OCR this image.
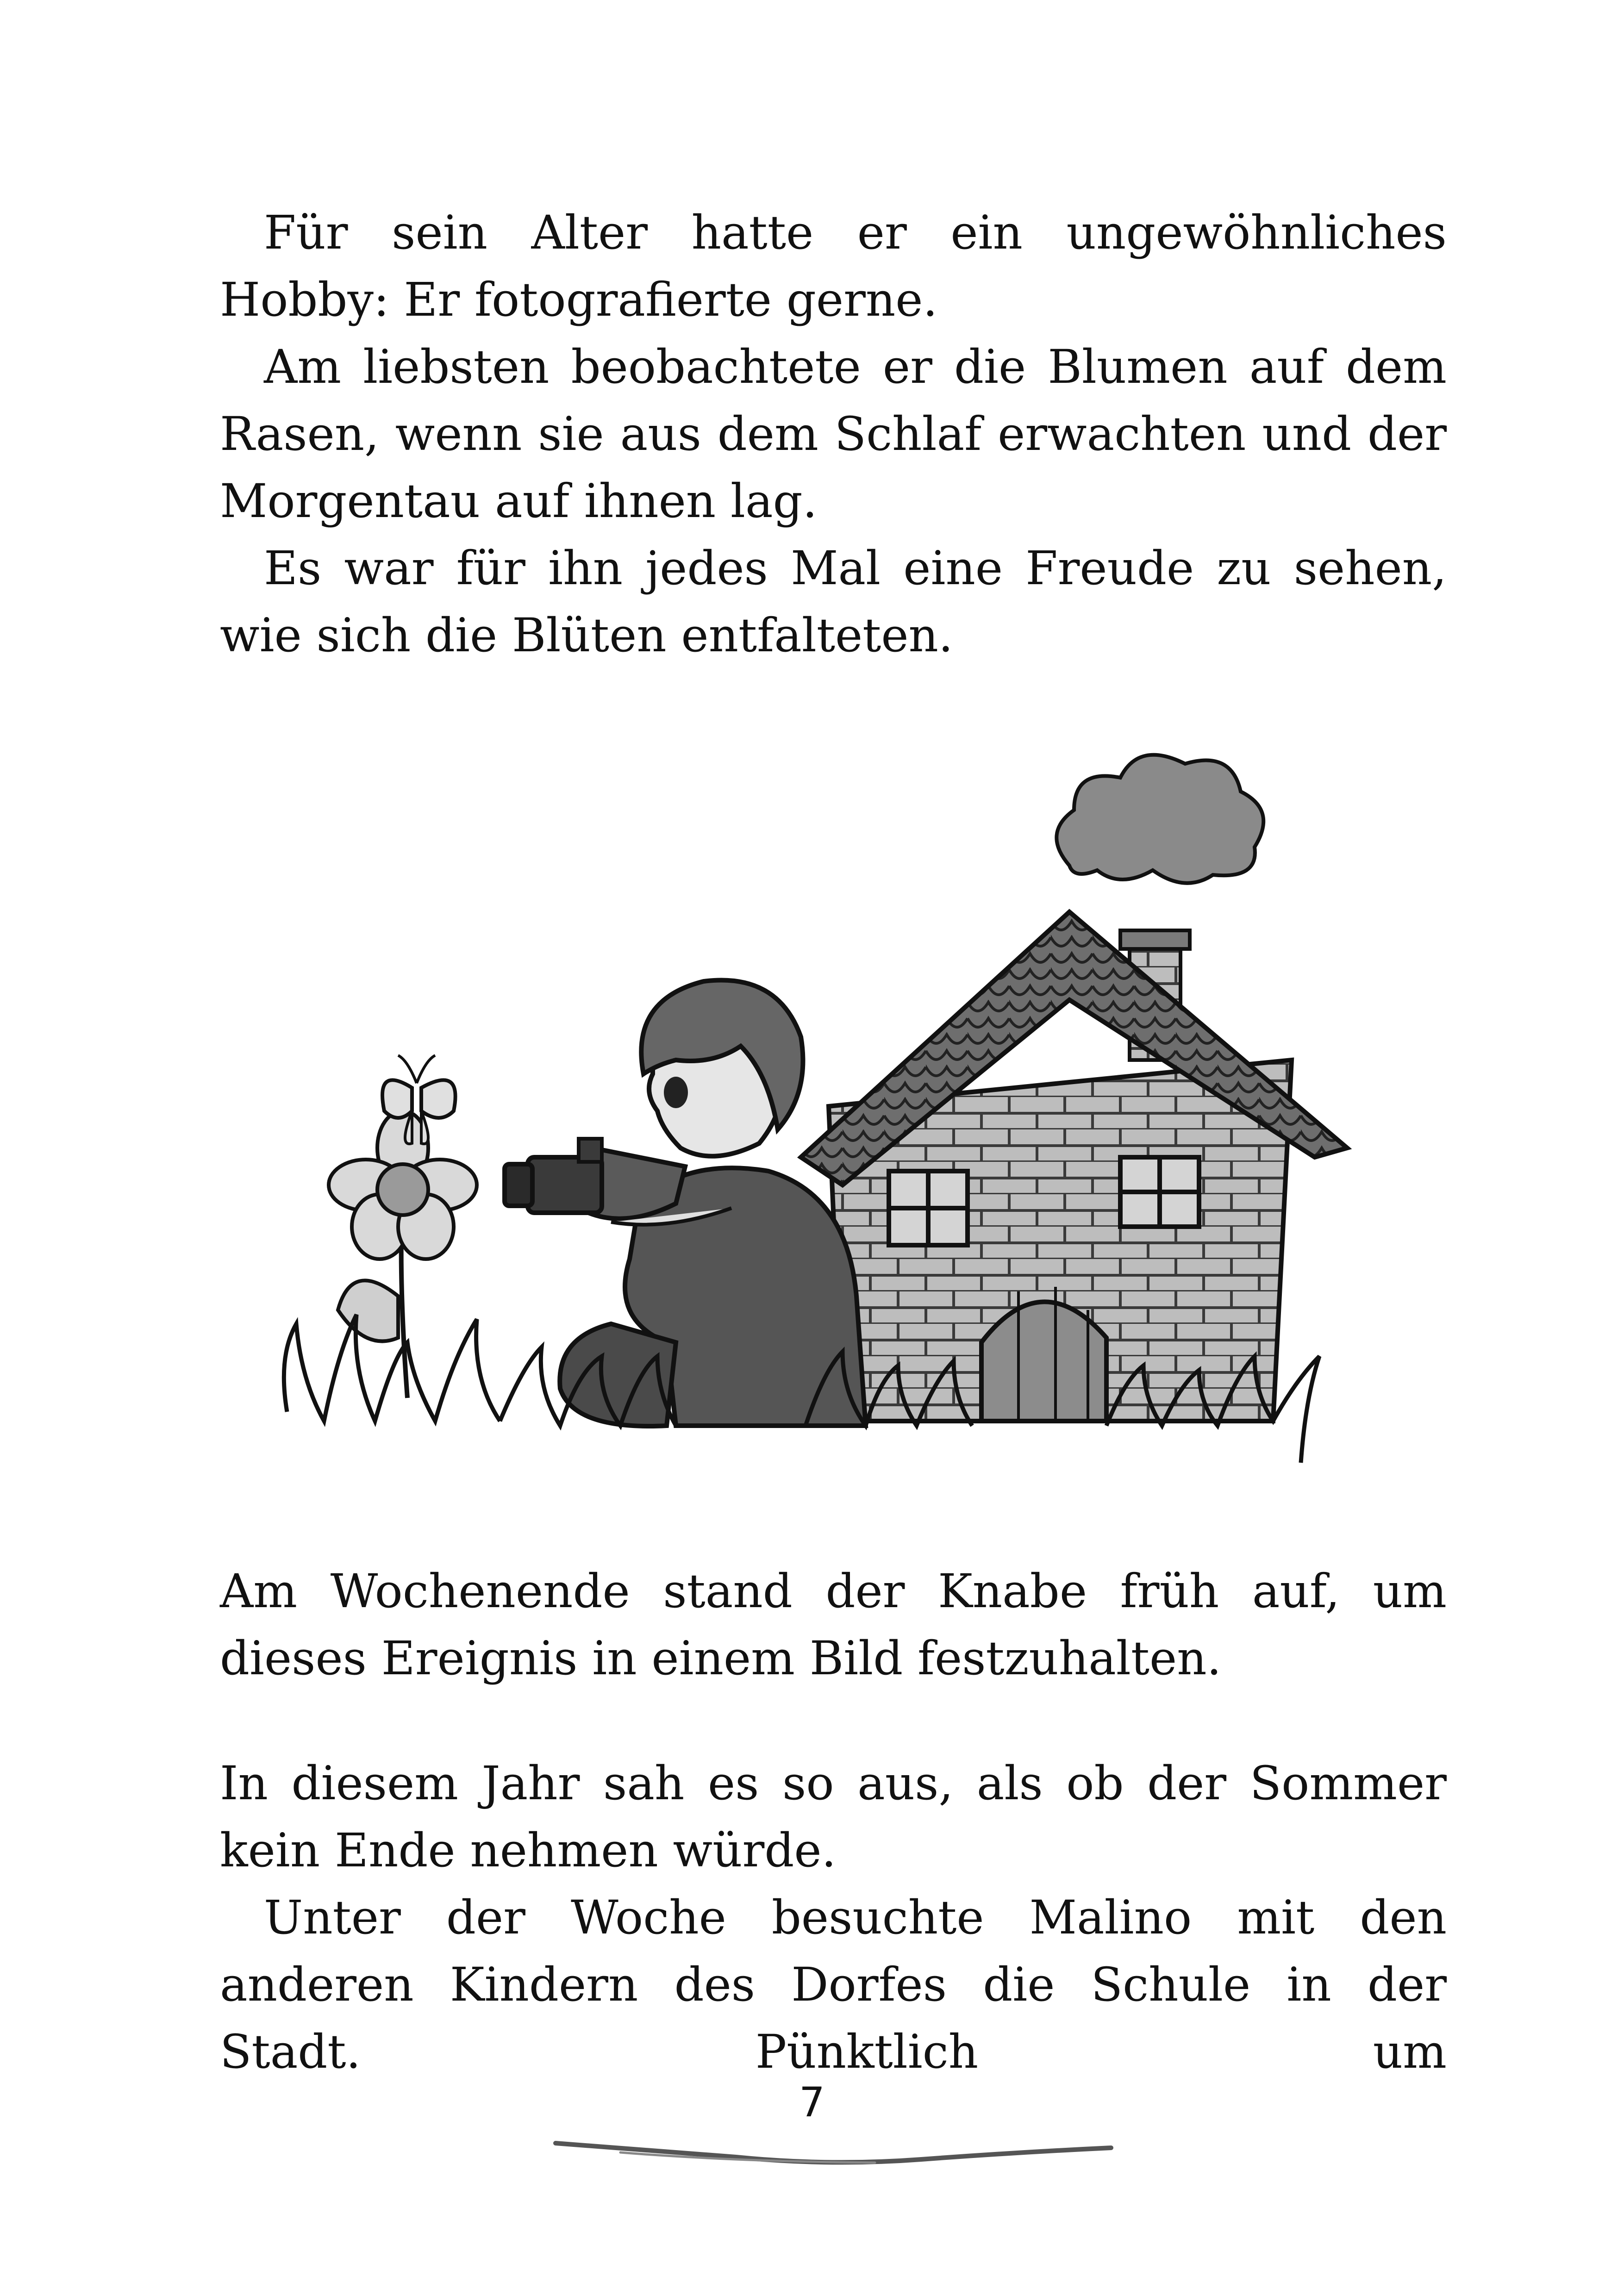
Für sein Alter hatte er ein ungewöhnliches Hobby: Er fotografierte gerne.

Am liebsten beobachtete er die Blumen auf dem Rasen, wenn sie aus dem Schlaf erwachten und der Morgentau auf ihnen lag.

Es war für ihn jedes Mal eine Freude zu sehen, wie sich die Blüten entfalteten.

Am Wochenende stand der Knabe früh auf, um dieses Ereignis in einem Bild festzuhalten.

In diesem Jahr sah es so aus, als ob der Sommer kein Ende nehmen würde.

Unter der Woche besuchte Malino mit den anderen Kindern des Dorfes die Schule in der Stadt. Pünktlich um

7
